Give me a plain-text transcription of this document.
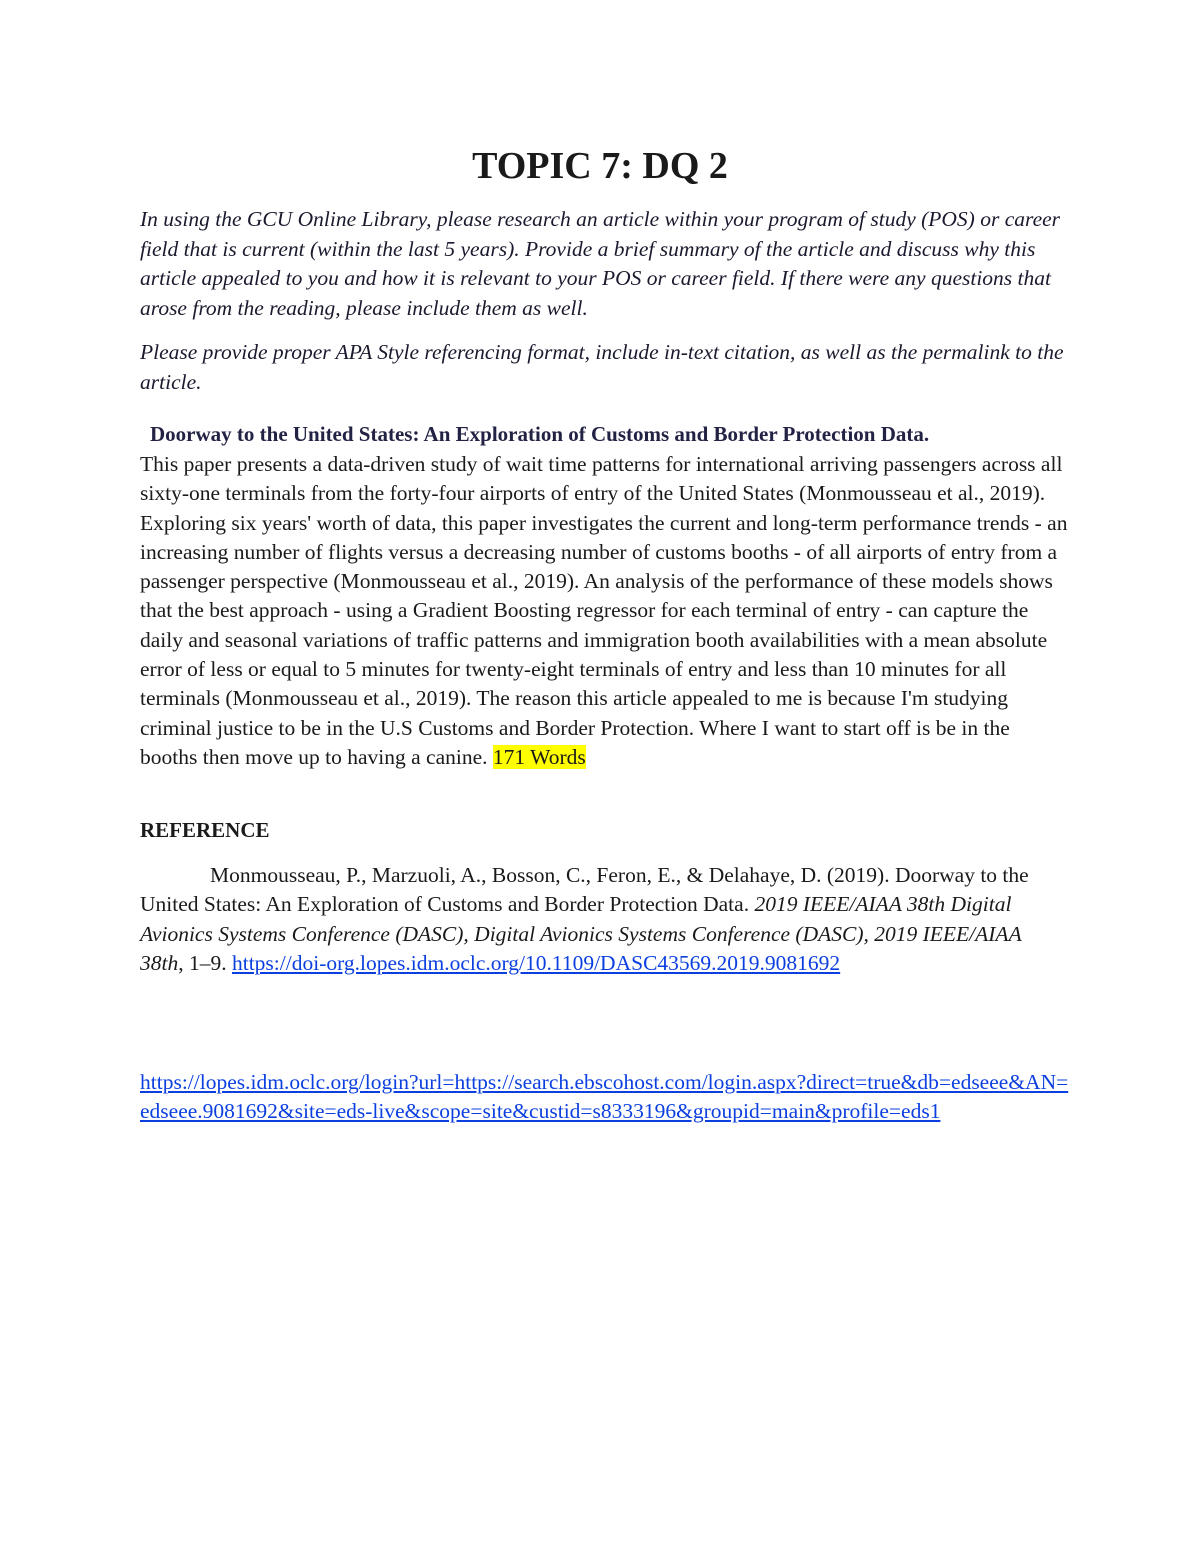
TOPIC 7: DQ 2

In using the GCU Online Library, please research an article within your program of study (POS) or career field that is current (within the last 5 years). Provide a brief summary of the article and discuss why this article appealed to you and how it is relevant to your POS or career field. If there were any questions that arose from the reading, please include them as well.

Please provide proper APA Style referencing format, include in-text citation, as well as the permalink to the article.

Doorway to the United States: An Exploration of Customs and Border Protection Data.

This paper presents a data-driven study of wait time patterns for international arriving passengers across all sixty-one terminals from the forty-four airports of entry of the United States (Monmousseau et al., 2019). Exploring six years' worth of data, this paper investigates the current and long-term performance trends - an increasing number of flights versus a decreasing number of customs booths - of all airports of entry from a passenger perspective (Monmousseau et al., 2019). An analysis of the performance of these models shows that the best approach - using a Gradient Boosting regressor for each terminal of entry - can capture the daily and seasonal variations of traffic patterns and immigration booth availabilities with a mean absolute error of less or equal to 5 minutes for twenty-eight terminals of entry and less than 10 minutes for all terminals (Monmousseau et al., 2019). The reason this article appealed to me is because I'm studying criminal justice to be in the U.S Customs and Border Protection. Where I want to start off is be in the booths then move up to having a canine. 171 Words

REFERENCE

Monmousseau, P., Marzuoli, A., Bosson, C., Feron, E., & Delahaye, D. (2019). Doorway to the United States: An Exploration of Customs and Border Protection Data. 2019 IEEE/AIAA 38th Digital Avionics Systems Conference (DASC), Digital Avionics Systems Conference (DASC), 2019 IEEE/AIAA 38th, 1–9. https://doi-org.lopes.idm.oclc.org/10.1109/DASC43569.2019.9081692

https://lopes.idm.oclc.org/login?url=https://search.ebscohost.com/login.aspx?direct=true&db=edseee&AN=edseee.9081692&site=eds-live&scope=site&custid=s8333196&groupid=main&profile=eds1
